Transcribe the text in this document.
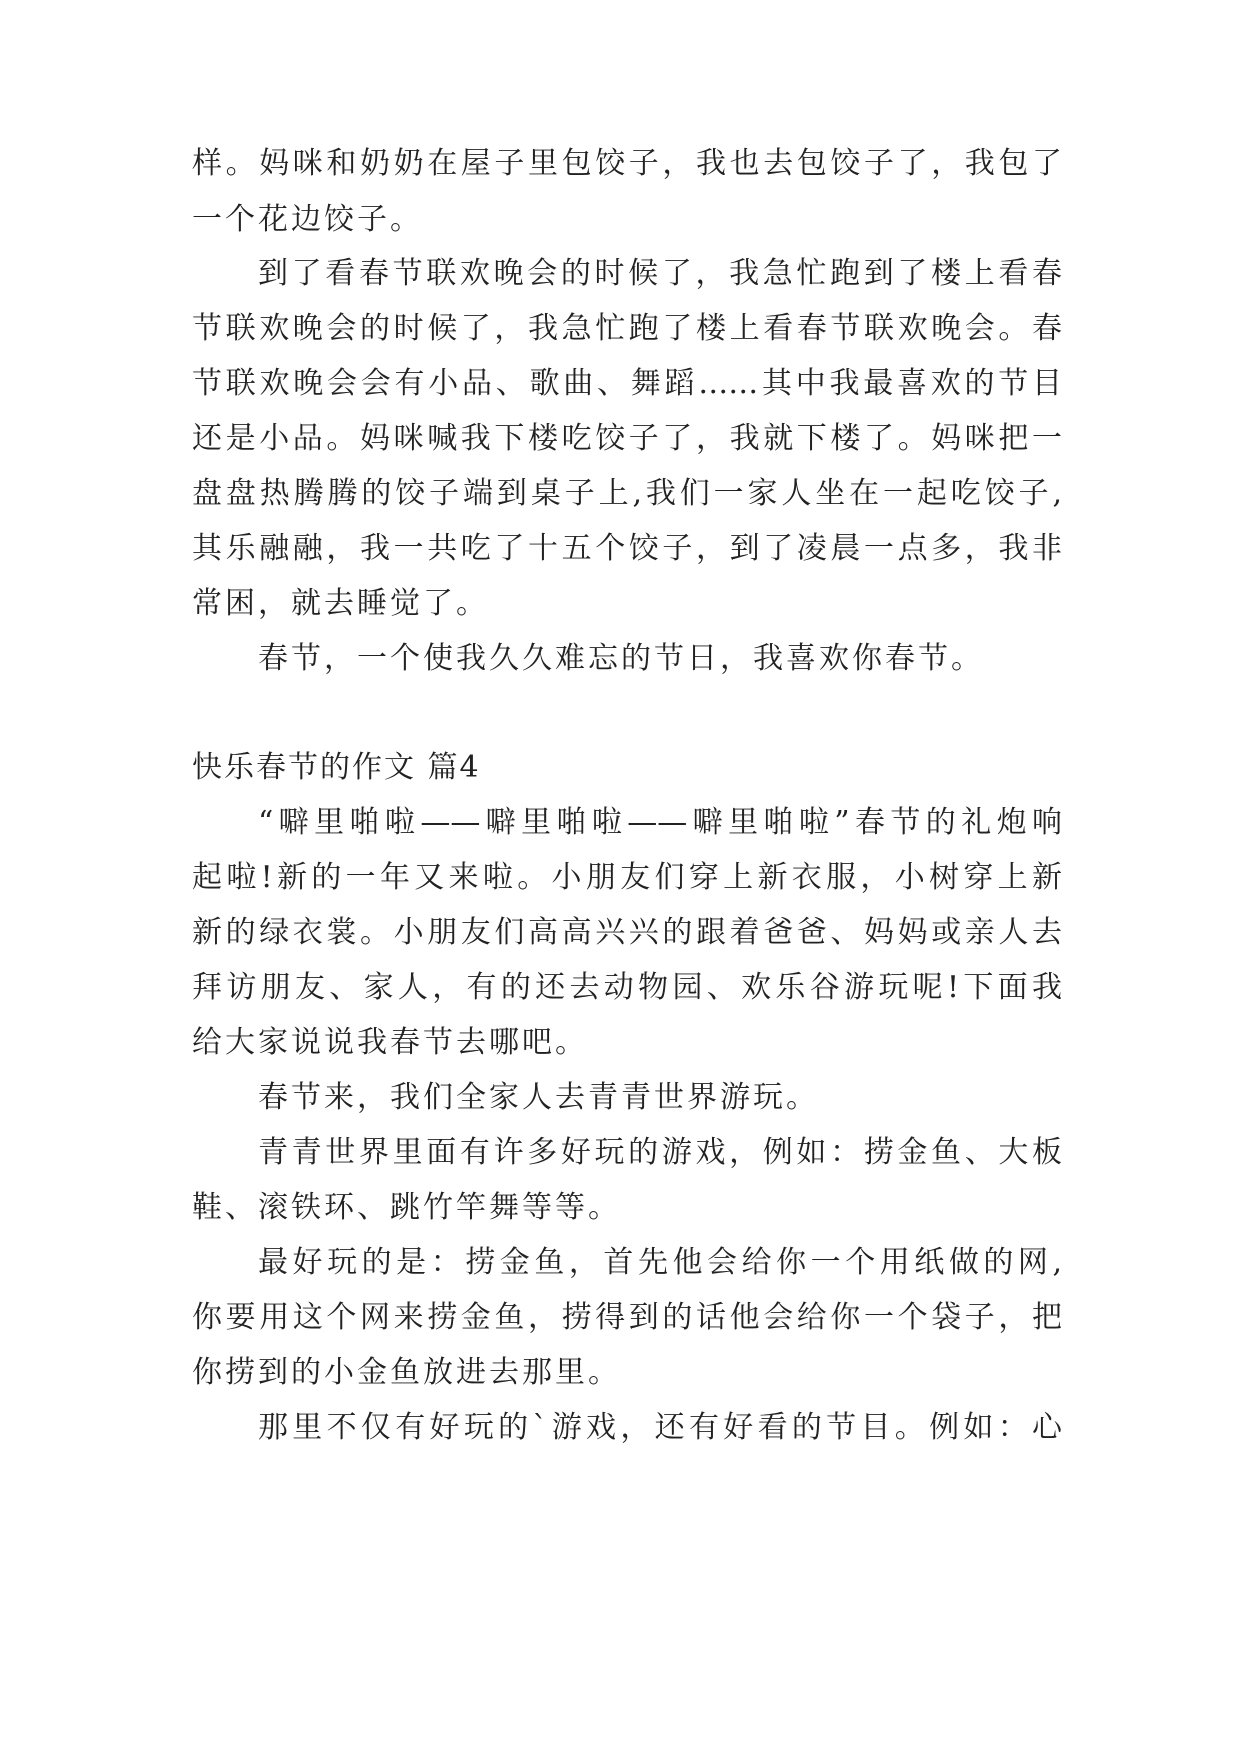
样。妈咪和奶奶在屋子里包饺子，我也去包饺子了，我包了
一个花边饺子。
到了看春节联欢晚会的时候了，我急忙跑到了楼上看春
节联欢晚会的时候了，我急忙跑了楼上看春节联欢晚会。春
节联欢晚会会有小品、歌曲、舞蹈……其中我最喜欢的节目
还是小品。妈咪喊我下楼吃饺子了，我就下楼了。妈咪把一
盘盘热腾腾的饺子端到桌子上,我们一家人坐在一起吃饺子,
其乐融融，我一共吃了十五个饺子，到了凌晨一点多，我非
常困，就去睡觉了。
春节，一个使我久久难忘的节日，我喜欢你春节。
快乐春节的作文 篇4
“噼里啪啦——噼里啪啦——噼里啪啦”春节的礼炮响
起啦!新的一年又来啦。小朋友们穿上新衣服，小树穿上新
新的绿衣裳。小朋友们高高兴兴的跟着爸爸、妈妈或亲人去
拜访朋友、家人，有的还去动物园、欢乐谷游玩呢!下面我
给大家说说我春节去哪吧。
春节来，我们全家人去青青世界游玩。
青青世界里面有许多好玩的游戏，例如：捞金鱼、大板
鞋、滚铁环、跳竹竿舞等等。
最好玩的是：捞金鱼，首先他会给你一个用纸做的网,
你要用这个网来捞金鱼，捞得到的话他会给你一个袋子，把
你捞到的小金鱼放进去那里。
那里不仅有好玩的`游戏，还有好看的节目。例如：心
